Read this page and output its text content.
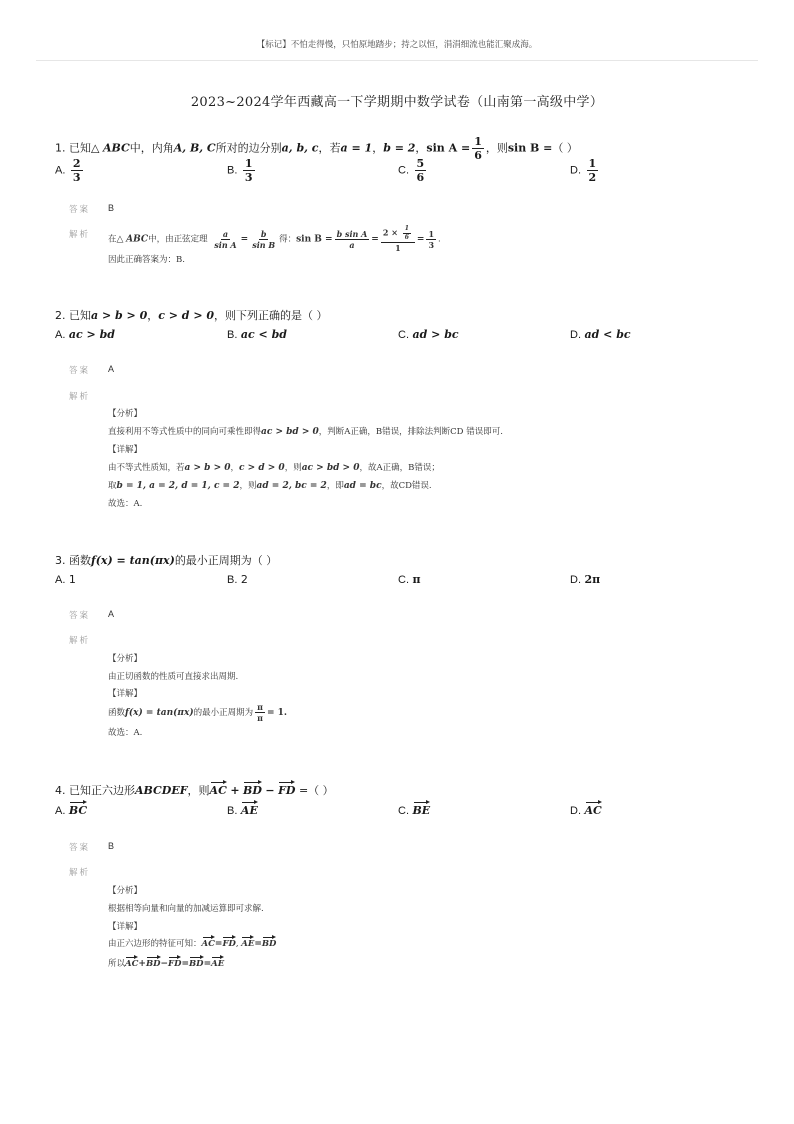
【标记】不怕走得慢，只怕原地踏步；持之以恒，涓涓细流也能汇聚成海。
2023~2024学年西藏高一下学期期中数学试卷（山南第一高级中学）
1. 已知△ ABC中，内角A, B, C所对的边分别a, b, c，若a = 1，b = 2，$\sin A = \frac{1}{6}$ ，则sin B =（ ）
A. $\frac{2}{3}$	B. $\frac{1}{3}$	C. $\frac{5}{6}$	D. $\frac{1}{2}$
答案 B
解析 在△ ABC中，由正弦定理 $\frac{a}{\text{sin A}} = \frac{b}{\text{sin B}}$ 得：$\sin B = \frac{\text{b sin A}}{a} = \frac{2 \times \frac{1}{6}}{1} = \frac{1}{3}$ .
因此正确答案为：B.
2. 已知a > b > 0，c > d > 0，则下列正确的是（ ）
A. ac > bd	B. ac < bd	C. ad > bc	D. ad < bc
答案 A
解析
【分析】
直接利用不等式性质中的同向可乘性即得ac > bd > 0，判断A正确，B错误，排除法判断CD 错误即可.
【详解】
由不等式性质知，若a > b > 0，c > d > 0，则ac > bd > 0，故A正确，B错误；
取b = 1, a = 2, d = 1, c = 2，则ad = 2, bc = 2，即ad = bc，故CD错误.
故选：A.
3. 函数f(x) = tan(πx)的最小正周期为（ ）
A. 1	B. 2	C. π	D. 2π
答案 A
解析
【分析】
由正切函数的性质可直接求出周期.
【详解】
函数f(x) = tan(πx)的最小正周期为 $\frac{\pi}{\pi} = 1$.
故选：A.
4. 已知正六边形ABCDEF，则AC + BD − FD =（ ）
A. BC	B. AE	C. BE	D. AC
答案 B
解析
【分析】
根据相等向量和向量的加减运算即可求解.
【详解】
由正六边形的特征可知：AC=FD, AE=BD
所以AC+BD−FD=BD=AE
